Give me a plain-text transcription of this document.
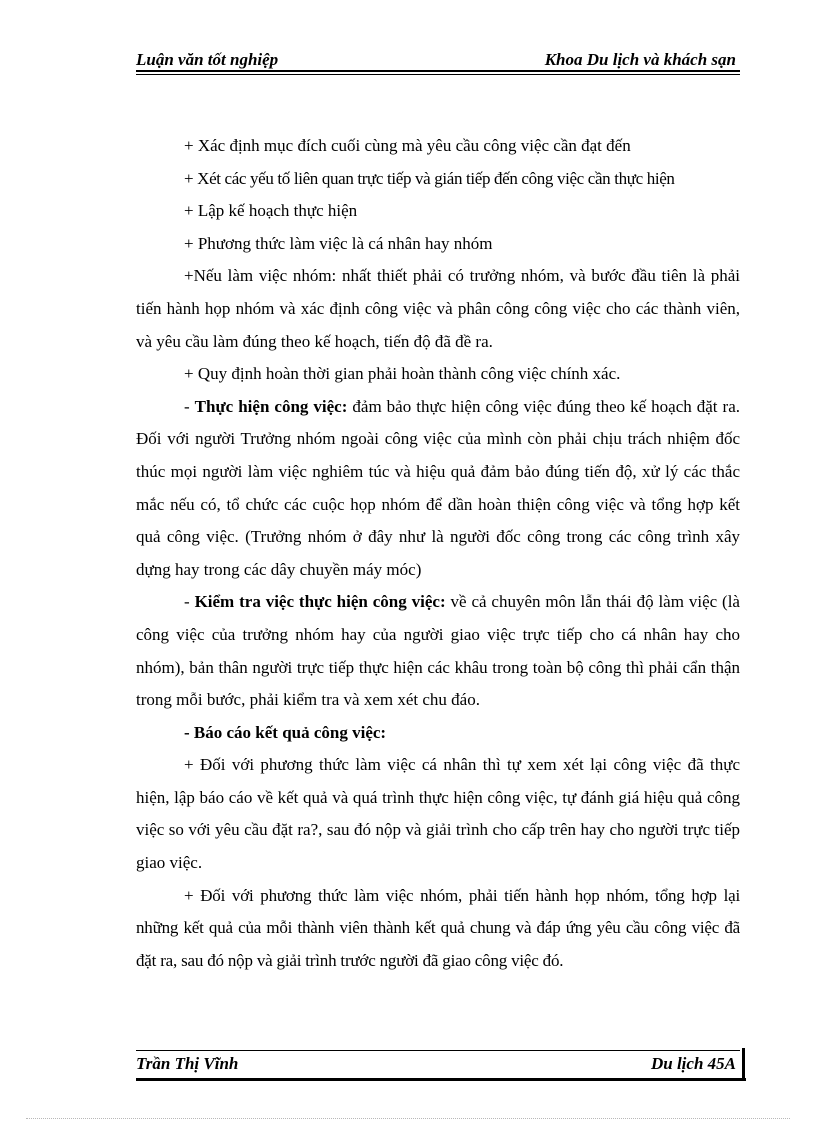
Luận văn tốt nghiệp	Khoa Du lịch và khách sạn

+ Xác định mục đích cuối cùng mà yêu cầu công việc cần đạt đến

+ Xét các yếu tố liên quan trực tiếp và gián tiếp đến công việc cần thực hiện

+ Lập kế hoạch thực hiện

+ Phương thức làm việc là cá nhân hay nhóm

+Nếu làm việc nhóm: nhất thiết phải có trưởng nhóm, và bước đầu tiên là phải tiến hành họp nhóm và xác định công việc và phân công công việc cho các thành viên, và yêu cầu làm đúng theo kế hoạch, tiến độ đã đề ra.

+ Quy định hoàn thời gian phải hoàn thành công việc chính xác.

- Thực hiện công việc: đảm bảo thực hiện công việc đúng theo kế hoạch đặt ra. Đối với người Trưởng nhóm ngoài công việc của mình còn phải chịu trách nhiệm đốc thúc mọi người làm việc nghiêm túc và hiệu quả đảm bảo đúng tiến độ, xử lý các thắc mắc nếu có, tổ chức các cuộc họp nhóm để dần hoàn thiện công việc và tổng hợp kết quả công việc. (Trưởng nhóm ở đây như là người đốc công trong các công trình xây dựng hay trong các dây chuyền máy móc)

- Kiểm tra việc thực hiện công việc: về cả chuyên môn lẫn thái độ làm việc (là công việc của trưởng nhóm hay của người giao việc trực tiếp cho cá nhân hay cho nhóm), bản thân người trực tiếp thực hiện các khâu trong toàn bộ công thì phải cẩn thận trong mỗi bước, phải kiểm tra và xem xét chu đáo.

- Báo cáo kết quả công việc:

+ Đối với phương thức làm việc cá nhân thì tự xem xét lại công việc đã thực hiện, lập báo cáo về kết quả và quá trình thực hiện công việc, tự đánh giá hiệu quả công việc so với yêu cầu đặt ra?, sau đó nộp và giải trình cho cấp trên hay cho người trực tiếp giao việc.

+ Đối với phương thức làm việc nhóm, phải tiến hành họp nhóm, tổng hợp lại những kết quả của mỗi thành viên thành kết quả chung và đáp ứng yêu cầu công việc đã đặt ra, sau đó nộp và giải trình trước người đã giao công việc đó.

Trần Thị Vĩnh	Du lịch 45A
